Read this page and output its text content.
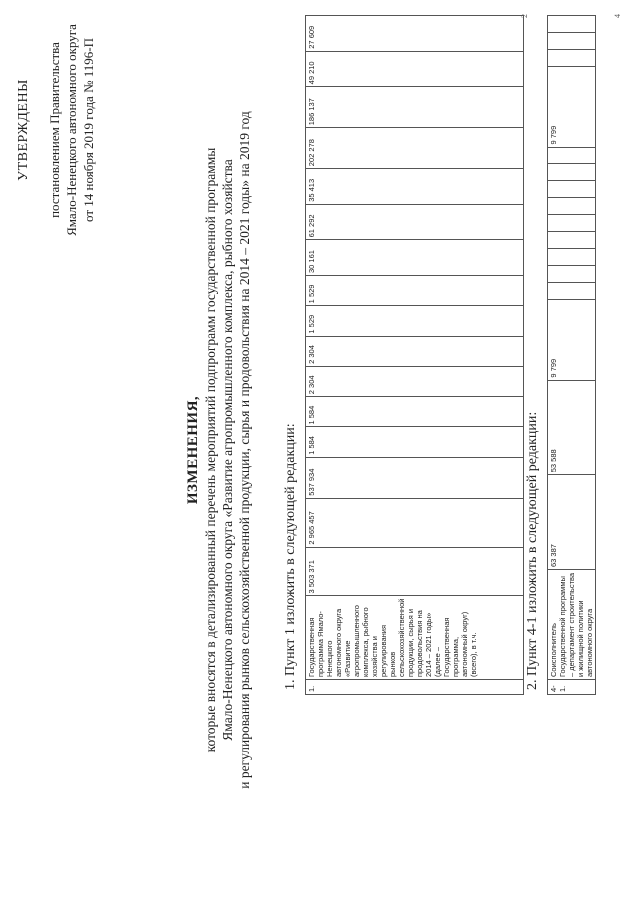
УТВЕРЖДЕНЫ постановлением Правительства Ямало-Ненецкого автономного округа от 14 ноября 2019 года № 1196-П
ИЗМЕНЕНИЯ, которые вносятся в детализированный перечень мероприятий подпрограмм государственной программы Ямало-Ненецкого автономного округа «Развитие агропромышленного комплекса, рыбного хозяйства и регулирования рынков сельскохозяйственной продукции, сырья и продовольствия на 2014 – 2021 годы» на 2019 год 1. Пункт 1 изложить в следующей редакции: 1.	Государственная программа Ямало-Ненецкого автономного округа «Развитие агропромышленного комплекса, рыбного хозяйства и регулирования рынков сельскохозяйственной продукции, сырья и продовольствия на 2014 – 2021 годы» (далее – Государственная программа, автономный округ) (всего), в т.ч.	3 503 371	2 965 457	537 934	1 584	1 584	2 304	2 304	1 529	1 529	30 161	61 292	35 413	202 278	186 137	49 210	27 609
2. Пункт 4-1 изложить в следующей редакции: 4-1.	Соисполнитель Государственной программы – департамент строительства и жилищной политики автономного округа	63 387	53 588	9 799										9 799			
2	4
